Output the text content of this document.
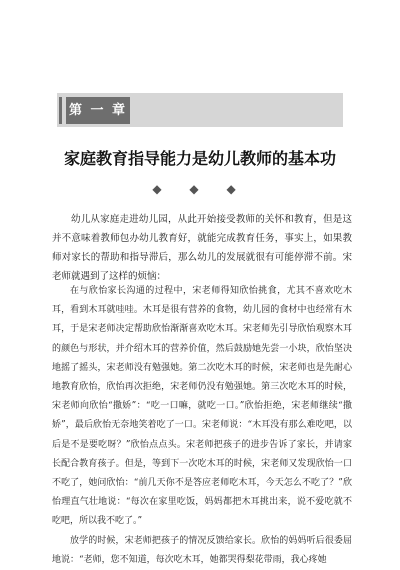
第 一 章
家庭教育指导能力是幼儿教师的基本功
◆ ◆ ◆

幼儿从家庭走进幼儿园，从此开始接受教师的关怀和教育，但是这并不意味着教师包办幼儿教育好，就能完成教育任务，事实上，如果教师对家长的帮助和指导滞后，那么幼儿的发展就很有可能停滞不前。宋老师就遇到了这样的烦恼：

在与欣怡家长沟通的过程中，宋老师得知欣怡挑食，尤其不喜欢吃木耳，看到木耳就哇哇。木耳是很有营养的食物，幼儿园的食材中也经常有木耳，于是宋老师决定帮助欣怡渐渐喜欢吃木耳。宋老师先引导欣怡观察木耳的颜色与形状，并介绍木耳的营养价值，然后鼓励她先尝一小块，欣怡坚决地摇了摇头，宋老师没有勉强她。第二次吃木耳的时候，宋老师也是先耐心地教育欣怡，欣怡再次拒绝，宋老师仍没有勉强她。第三次吃木耳的时候，宋老师向欣怡“撒娇”：“吃一口嘛，就吃一口。”欣怡拒绝，宋老师继续“撒娇”，最后欣怡无奈地笑着吃了一口。宋老师说：“木耳没有那么难吃吧，以后是不是要吃呀？”欣怡点点头。宋老师把孩子的进步告诉了家长，并请家长配合教育孩子。但是，等到下一次吃木耳的时候，宋老师又发现欣怡一口不吃了，她问欣怡：“前几天你不是答应老师吃木耳，今天怎么不吃了？”欣怡理直气壮地说：“每次在家里吃饭，妈妈都把木耳挑出来，说不爱吃就不吃吧，所以我不吃了。”

放学的时候，宋老师把孩子的情况反馈给家长。欣怡的妈妈听后很委屈地说：“老师，您不知道，每次吃木耳，她都哭得梨花带雨，我心疼她
